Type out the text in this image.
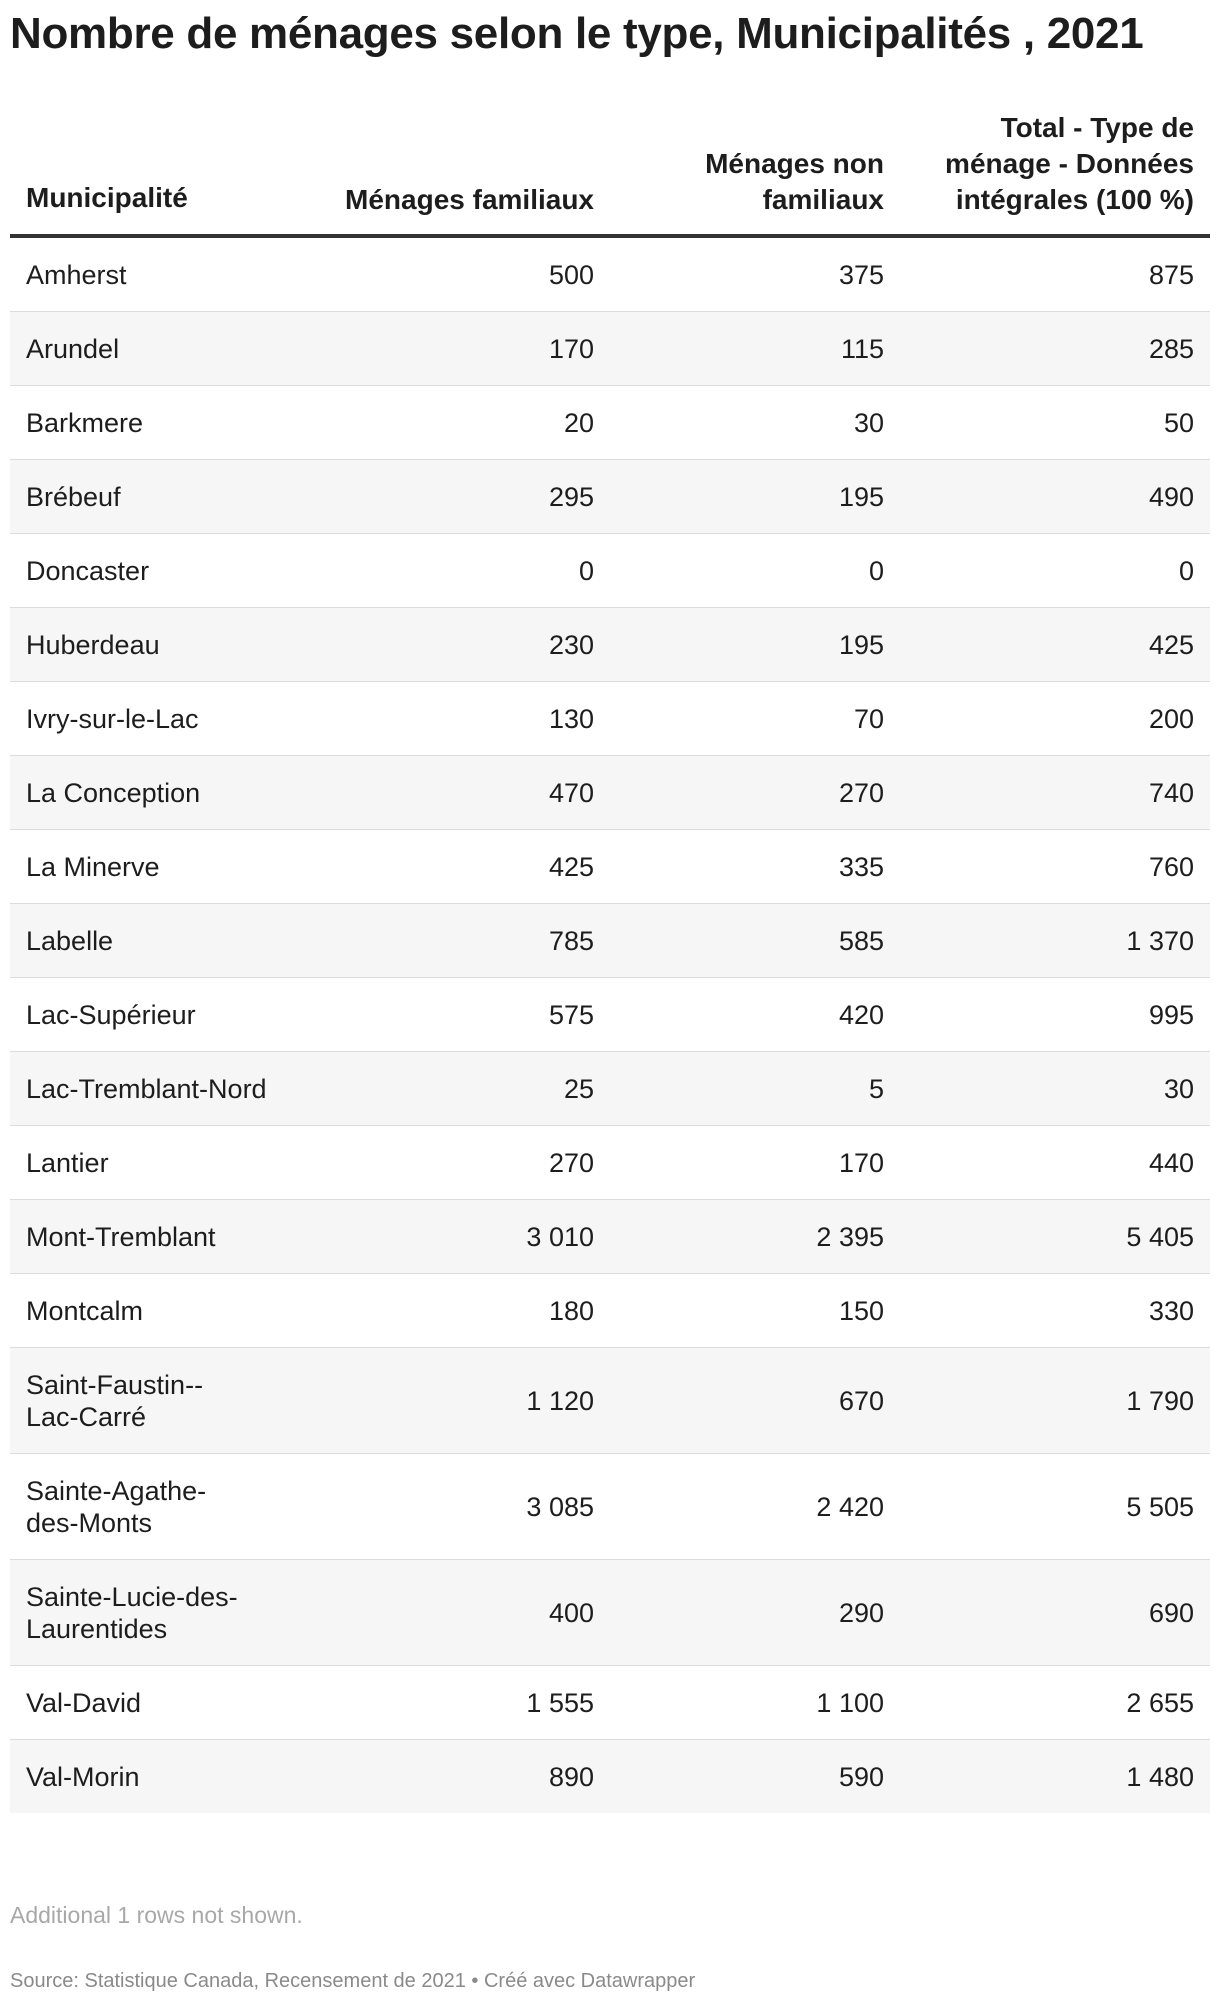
Nombre de ménages selon le type, Municipalités , 2021
Municipalité	Ménages familiaux	Ménages non familiaux	Total - Type de ménage - Données intégrales (100 %)
Amherst	500	375	875
Arundel	170	115	285
Barkmere	20	30	50
Brébeuf	295	195	490
Doncaster	0	0	0
Huberdeau	230	195	425
Ivry-sur-le-Lac	130	70	200
La Conception	470	270	740
La Minerve	425	335	760
Labelle	785	585	1 370
Lac-Supérieur	575	420	995
Lac-Tremblant-Nord	25	5	30
Lantier	270	170	440
Mont-Tremblant	3 010	2 395	5 405
Montcalm	180	150	330
Saint-Faustin--Lac-Carré	1 120	670	1 790
Sainte-Agathe-des-Monts	3 085	2 420	5 505
Sainte-Lucie-des-Laurentides	400	290	690
Val-David	1 555	1 100	2 655
Val-Morin	890	590	1 480
Additional 1 rows not shown.
Source: Statistique Canada, Recensement de 2021 • Créé avec Datawrapper
